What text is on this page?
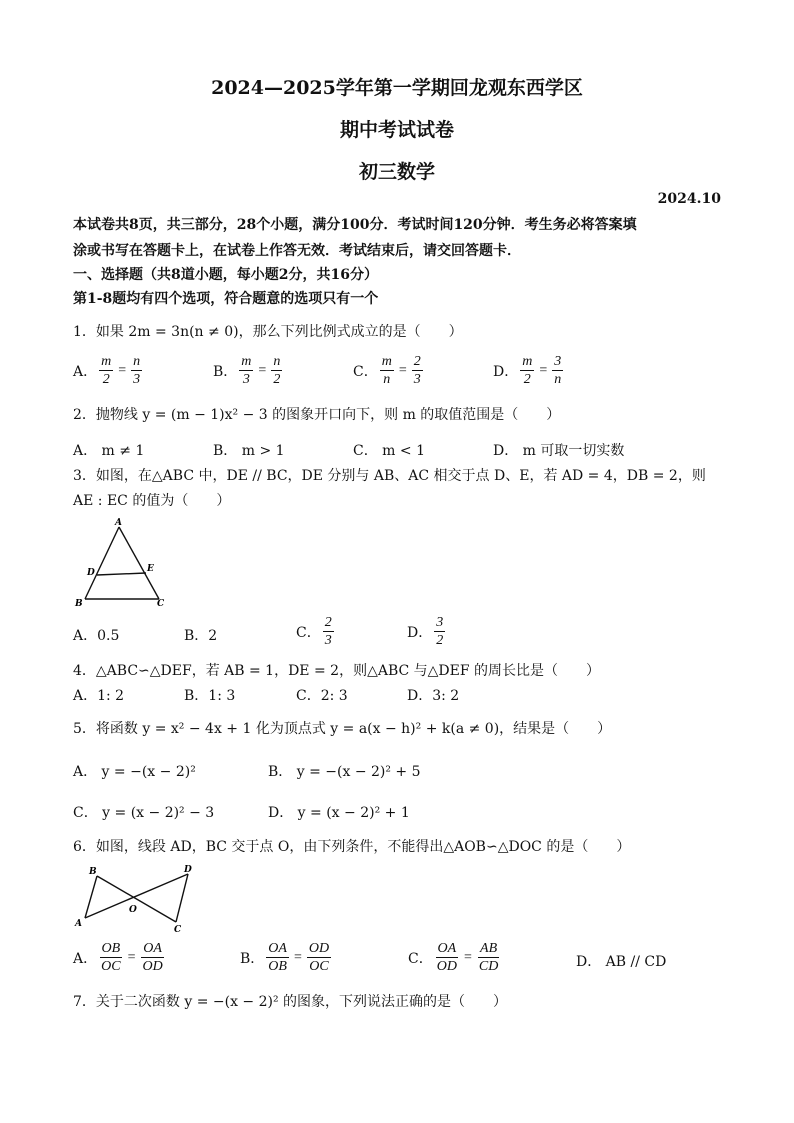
2024—2025学年第一学期回龙观东西学区
期中考试试卷
初三数学
2024.10
本试卷共8页，共三部分，28个小题，满分100分．考试时间120分钟．考生务必将答案填
涂或书写在答题卡上，在试卷上作答无效．考试结束后，请交回答题卡．
一、选择题（共8道小题，每小题2分，共16分）
第1-8题均有四个选项，符合题意的选项只有一个
1．如果 2m = 3n(n ≠ 0)，那么下列比例式成立的是（　　）
A． $\frac{m}{2} = \frac{n}{3}$	B． $\frac{m}{3} = \frac{n}{2}$	C． $\frac{m}{n} = \frac{2}{3}$	D． $\frac{m}{2} = \frac{3}{n}$
2．抛物线 y = (m − 1)x² − 3 的图象开口向下，则 m 的取值范围是（　　）
A． m ≠ 1	B． m > 1	C． m < 1	D． m 可取一切实数
3．如图，在△ABC 中，DE // BC，DE 分别与 AB、AC 相交于点 D、E，若 AD = 4，DB = 2，则
AE : EC 的值为（　　）
A
D	E
B	C
A．0.5	B．2	C． $\frac{2}{3}$	D． $\frac{3}{2}$
4．△ABC∽△DEF，若 AB = 1，DE = 2，则△ABC 与△DEF 的周长比是（　　）
A．1: 2	B．1: 3	C．2: 3	D．3: 2
5．将函数 y = x² − 4x + 1 化为顶点式 y = a(x − h)² + k(a ≠ 0)，结果是（　　）
A． y = −(x − 2)²	B． y = −(x − 2)² + 5
C． y = (x − 2)² − 3	D． y = (x − 2)² + 1
6．如图，线段 AD，BC 交于点 O，由下列条件，不能得出△AOB∽△DOC 的是（　　）
B
A
O
D
C
A． $\frac{OB}{OC} = \frac{OA}{OD}$	B． $\frac{OA}{OB} = \frac{OD}{OC}$	C． $\frac{OA}{OD} = \frac{AB}{CD}$	D． AB // CD
7．关于二次函数 y = −(x − 2)² 的图象，下列说法正确的是（　　）
